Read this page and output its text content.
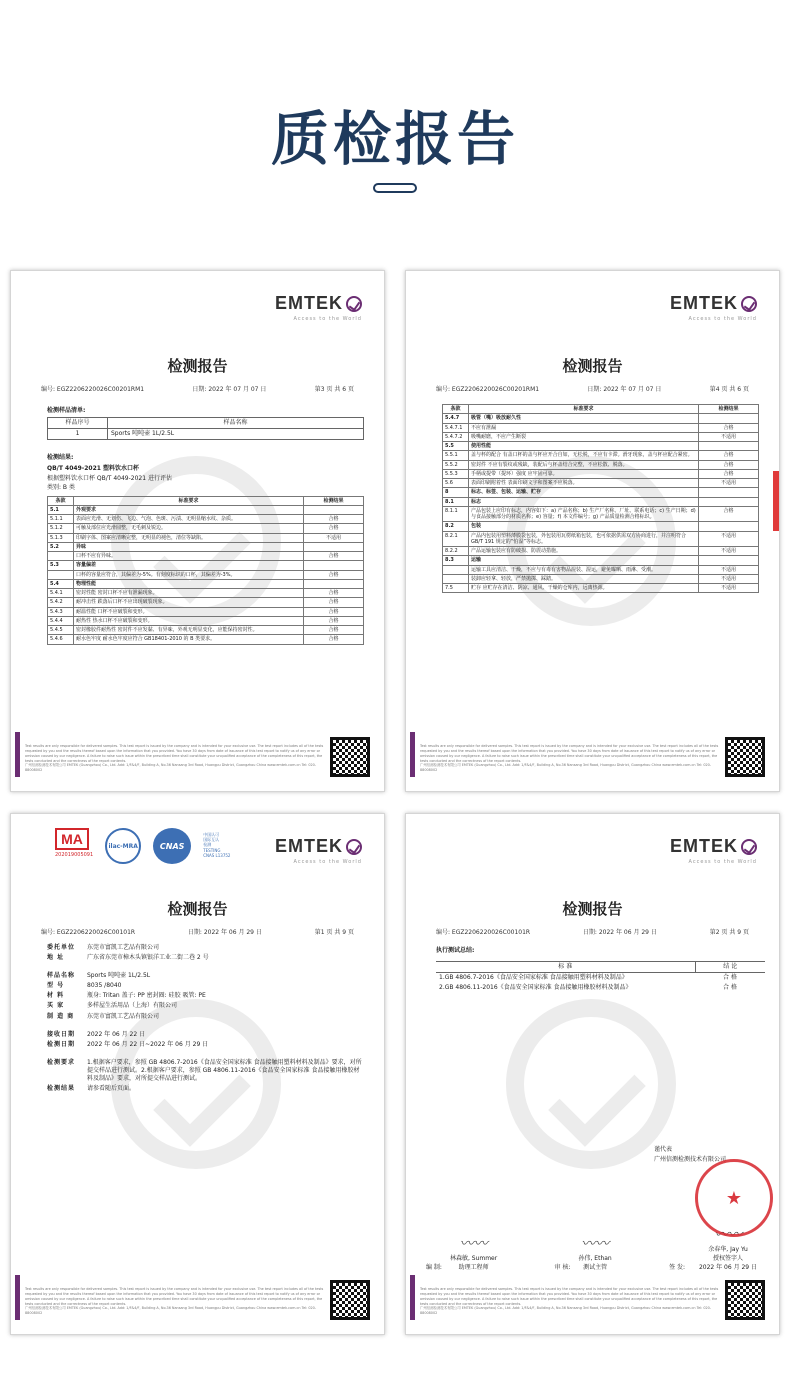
质检报告
EMTEK
Access to the World
检测报告
编号: EGZ2206220026C00201RM1	日期: 2022 年 07 月 07 日	第3 页 共 6 页
检测样品清单:
样品序号	样品名称
1	Sports 吨吨壶 1L/2.5L
检测结果:
QB/T 4049-2021 塑料饮水口杯
根据塑料饮水口杯 QB/T 4049-2021 进行评估
类别: B 类
条款	标准要求	检测结果
5.1	外观要求	
5.1.1	表面应光滑、无划伤、飞边、气泡、色斑、污渍、无明显缩水纹、杂质。	合格
5.1.2	可触及部位应光滑圆整，无毛刺及锐边。	合格
5.1.3	印刷字体、图案应清晰完整，无明显的褪色，清位等缺陷。	不适用
5.2	异味	
	口杯不应有异味。	合格
5.3	容量偏差	
	口杯的容量应符合，其偏差为-5%。有刻度标识的口杯，其偏差为-3%。	合格
5.4	物理性能	
5.4.1	密封性能 密封口杯不应有泄漏现象。	合格
5.4.2	耐冲击性 跌落后口杯不应出现破裂现象。	合格
5.4.3	耐温性能 口杯不应破裂和变形。	合格
5.4.4	耐热性 热水口杯不应破裂和变形。	合格
5.4.5	密封橡胶件耐热性 密封件不应发黏、有异味，外观无明显变化，应能保持密封性。	合格
5.4.6	耐水色牢度 耐水色牢度应符合 GB18401-2010 的 B 类要求。	合格
Test results are only responsible for delivered samples. This test report is issued by the company and is intended for your exclusive use. The test report includes all of the tests requested by you and the results thereof based upon the information that you provided. You have 30 days from date of issuance of this test report to notify us of any error or omission caused by our negligence. A failure to raise such issue within the prescribed time shall constitute your unqualified acceptance of the completeness of this report, the tests conducted and the correctness of the report contents.
广州信测检测技术有限公司 EMTEK (Guangzhou) Co., Ltd. Add: 1/F&4/F, Building A, No.36 Nansang 3rd Road, Huangpu District, Guangzhou China www.emtek.com.cn Tel: 020-88008002
EMTEK
Access to the World
检测报告
编号: EGZ2206220026C00201RM1	日期: 2022 年 07 月 07 日	第4 页 共 6 页
条款	标准要求	检测结果
5.4.7	吸管（嘴）吸放耐久性	
5.4.7.1	不应有泄漏	合格
5.4.7.2	吸嘴耐磨，不应产生断裂	不适用
5.5	使用性能	
5.5.1	盖与杯的配合 有盖口杯的盖与杯应开合自如，无松脱，不应有卡滞。滑牙现象，盖与杯应配合紧密。	合格
5.5.2	密封件 不应有裂纹或残缺，装配后与杯盖结合完整，不应松散、脱落。	合格
5.5.3	手柄或提带（提环）强度 应牢固可靠。	合格
5.6	表面印刷附着性 表面印刷文字和图案不应脱落。	不适用
8	标志、标签、包装、运输、贮存	
8.1	标志	
8.1.1	产品包装上应印有标志，内容如下：a) 产品名称；b) 生产厂名称、厂址、联系电话；c) 生产日期；d) 与食品接触部分的材质名称；e) 容量；f) 本文件编号；g) 产品质量检测合格标识。	合格
8.2	包装	
8.2.1	产品内包装用塑料薄膜袋包装，外包装用瓦楞纸箱包装，也可依据供需双方协商进行，并注明符合 GB/T 191 规定的“怕湿”等标志。	不适用
8.2.2	产品运输包装应有防破损、防震动措施。	不适用
8.3	运输	
	运输工具应清洁、干燥，不应与有毒有害物品混装、混运，避免曝晒、雨淋、受潮。	不适用
	装卸应轻拿、轻放，严禁抛掷、踩踏。	不适用
7.5	贮存 应贮存在清洁、阴凉、通风、干燥的仓库内，远离热源。	不适用
Test results are only responsible for delivered samples. This test report is issued by the company and is intended for your exclusive use. The test report includes all of the tests requested by you and the results thereof based upon the information that you provided. You have 30 days from date of issuance of this test report to notify us of any error or omission caused by our negligence. A failure to raise such issue within the prescribed time shall constitute your unqualified acceptance of the completeness of this report, the tests conducted and the correctness of the report contents.
广州信测检测技术有限公司 EMTEK (Guangzhou) Co., Ltd. Add: 1/F&4/F, Building A, No.36 Nansang 3rd Road, Huangpu District, Guangzhou China www.emtek.com.cn Tel: 020-88008002
MA
202019005091
ilac-MRA	CNAS
中国认可
国际互认
检测
TESTING
CNAS L13752 EMTEK
Access to the World
检测报告
编号: EGZ2206220026C00101R	日期: 2022 年 06 月 29 日	第1 页 共 9 页
委托单位	东莞市富凯工艺品有限公司
地 址	广东省东莞市樟木头镇银洋工业二街二巷 2 号
样品名称	Sports 吨吨壶 1L/2.5L
型 号	8035 /8040
材 料	瓶身: Tritan 盖子: PP 密封圈: 硅胶 吸管: PE
买 家	多样屋生活用品（上海）有限公司
制 造 商	东莞市富凯工艺品有限公司
接收日期	2022 年 06 月 22 日
检测日期	2022 年 06 月 22 日~2022 年 06 月 29 日
检测要求	1.根据客户要求，参照 GB 4806.7-2016《食品安全国家标准 食品接触用塑料材料及制品》要求，对所提交样品进行测试。2.根据客户要求，参照 GB 4806.11-2016《食品安全国家标准 食品接触用橡胶材料及制品》要求，对所提交样品进行测试。
检测结果	请参看随后页面。
Test results are only responsible for delivered samples. This test report is issued by the company and is intended for your exclusive use. The test report includes all of the tests requested by you and the results thereof based upon the information that you provided. You have 30 days from date of issuance of this test report to notify us of any error or omission caused by our negligence. A failure to raise such issue within the prescribed time shall constitute your unqualified acceptance of the completeness of this report, the tests conducted and the correctness of the report contents.
广州信测检测技术有限公司 EMTEK (Guangzhou) Co., Ltd. Add: 1/F&4/F, Building A, No.36 Nansang 3rd Road, Huangpu District, Guangzhou China www.emtek.com.cn Tel: 020-88008002
EMTEK
Access to the World
检测报告
编号: EGZ2206220026C00101R	日期: 2022 年 06 月 29 日	第2 页 共 9 页
执行测试总结:
标 准	结 论
1.GB 4806.7-2016《食品安全国家标准 食品接触用塑料材料及制品》	合 格
2.GB 4806.11-2016《食品安全国家标准 食品接触用橡胶材料及制品》	合 格
谨代表
广州信测检测技术有限公司
编 制:
〰〰
林森敏, Summer
助理工程师	审 核:
〰〰
孙伟, Ethan
测试主管	签 发:
〰〰
余春华, Jay Yu
授权签字人
2022 年 06 月 29 日
★
Test results are only responsible for delivered samples. This test report is issued by the company and is intended for your exclusive use. The test report includes all of the tests requested by you and the results thereof based upon the information that you provided. You have 30 days from date of issuance of this test report to notify us of any error or omission caused by our negligence. A failure to raise such issue within the prescribed time shall constitute your unqualified acceptance of the completeness of this report, the tests conducted and the correctness of the report contents.
广州信测检测技术有限公司 EMTEK (Guangzhou) Co., Ltd. Add: 1/F&4/F, Building A, No.36 Nansang 3rd Road, Huangpu District, Guangzhou China www.emtek.com.cn Tel: 020-88008002
